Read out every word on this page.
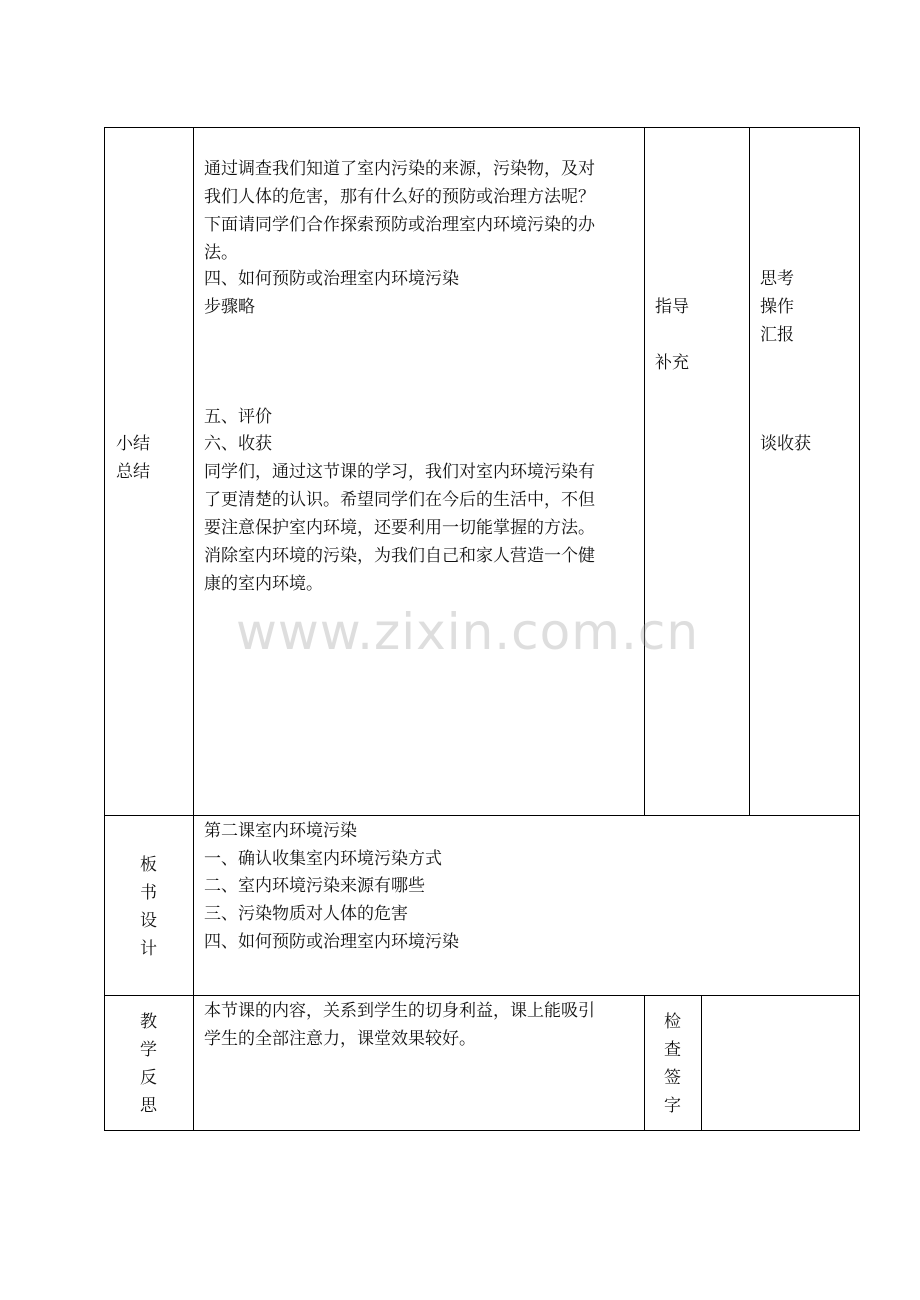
www.zixin.com.cn
小结
总结
通过调查我们知道了室内污染的来源，污染物，及对
我们人体的危害，那有什么好的预防或治理方法呢？
下面请同学们合作探索预防或治理室内环境污染的办
法。
四、如何预防或治理室内环境污染
步骤略
五、评价
六、收获
同学们，通过这节课的学习，我们对室内环境污染有
了更清楚的认识。希望同学们在今后的生活中，不但
要注意保护室内环境，还要利用一切能掌握的方法。
消除室内环境的污染，为我们自己和家人营造一个健
康的室内环境。
指导
补充
思考
操作
汇报
谈收获
板
书
设
计
第二课室内环境污染
一、确认收集室内环境污染方式
二、室内环境污染来源有哪些
三、污染物质对人体的危害
四、如何预防或治理室内环境污染
教
学
反
思
本节课的内容，关系到学生的切身利益，课上能吸引
学生的全部注意力，课堂效果较好。
检
查
签
字
